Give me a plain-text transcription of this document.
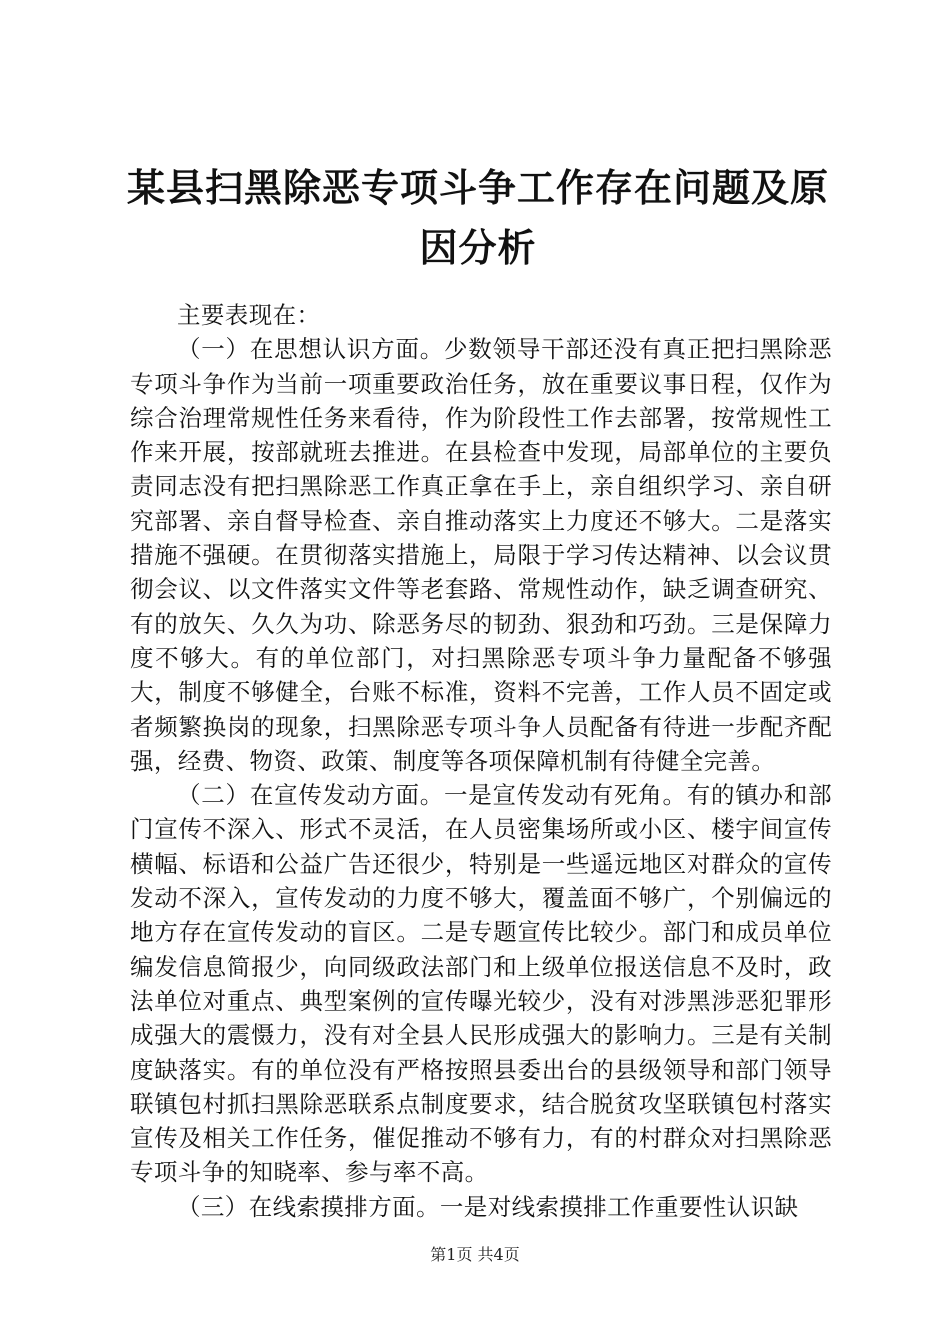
某县扫黑除恶专项斗争工作存在问题及原因分析

主要表现在：

（一）在思想认识方面。少数领导干部还没有真正把扫黑除恶专项斗争作为当前一项重要政治任务，放在重要议事日程，仅作为综合治理常规性任务来看待，作为阶段性工作去部署，按常规性工作来开展，按部就班去推进。在县检查中发现，局部单位的主要负责同志没有把扫黑除恶工作真正拿在手上，亲自组织学习、亲自研究部署、亲自督导检查、亲自推动落实上力度还不够大。二是落实措施不强硬。在贯彻落实措施上，局限于学习传达精神、以会议贯彻会议、以文件落实文件等老套路、常规性动作，缺乏调查研究、有的放矢、久久为功、除恶务尽的韧劲、狠劲和巧劲。三是保障力度不够大。有的单位部门，对扫黑除恶专项斗争力量配备不够强大，制度不够健全，台账不标准，资料不完善，工作人员不固定或者频繁换岗的现象，扫黑除恶专项斗争人员配备有待进一步配齐配强，经费、物资、政策、制度等各项保障机制有待健全完善。

（二）在宣传发动方面。一是宣传发动有死角。有的镇办和部门宣传不深入、形式不灵活，在人员密集场所或小区、楼宇间宣传横幅、标语和公益广告还很少，特别是一些遥远地区对群众的宣传发动不深入，宣传发动的力度不够大，覆盖面不够广，个别偏远的地方存在宣传发动的盲区。二是专题宣传比较少。部门和成员单位编发信息简报少，向同级政法部门和上级单位报送信息不及时，政法单位对重点、典型案例的宣传曝光较少，没有对涉黑涉恶犯罪形成强大的震慑力，没有对全县人民形成强大的影响力。三是有关制度缺落实。有的单位没有严格按照县委出台的县级领导和部门领导联镇包村抓扫黑除恶联系点制度要求，结合脱贫攻坚联镇包村落实宣传及相关工作任务，催促推动不够有力，有的村群众对扫黑除恶专项斗争的知晓率、参与率不高。

（三）在线索摸排方面。一是对线索摸排工作重要性认识缺

第1页 共4页
